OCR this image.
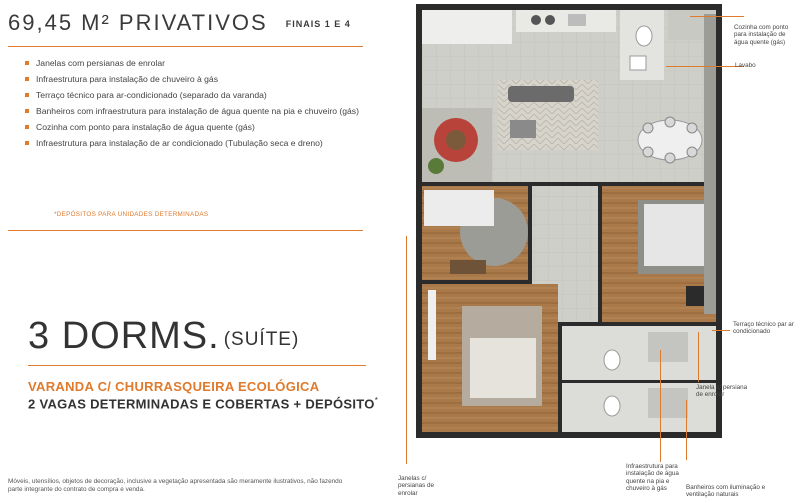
69,45 M² PRIVATIVOS FINAIS 1 E 4
Janelas com persianas de enrolar
Infraestrutura para instalação de chuveiro à gás
Terraço técnico para ar-condicionado (separado da varanda)
Banheiros com infraestrutura para instalação de água quente na pia e chuveiro (gás)
Cozinha com ponto para instalação de água quente (gás)
Infraestrutura para instalação de ar condicionado (Tubulação seca e dreno)
*DEPÓSITOS PARA UNIDADES DETERMINADAS
3 DORMS. $^{(SUÍTE)}$
VARANDA C/ CHURRASQUEIRA ECOLÓGICA
2 VAGAS DETERMINADAS E COBERTAS + DEPÓSITO*
Móveis, utensílios, objetos de decoração, inclusive a vegetação apresentada são meramente ilustrativos, não fazendo parte integrante do contrato de compra e venda.
Cozinha com ponto para instalação de água quente (gás)
Lavabo
Terraço técnico par ar condicionado
Janela c/ persiana de enrolar
Janelas c/ persianas de enrolar
Infraestrutura para instalação de água quente na pia e chuveiro à gás	Banheiros com iluminação e ventilação naturais
